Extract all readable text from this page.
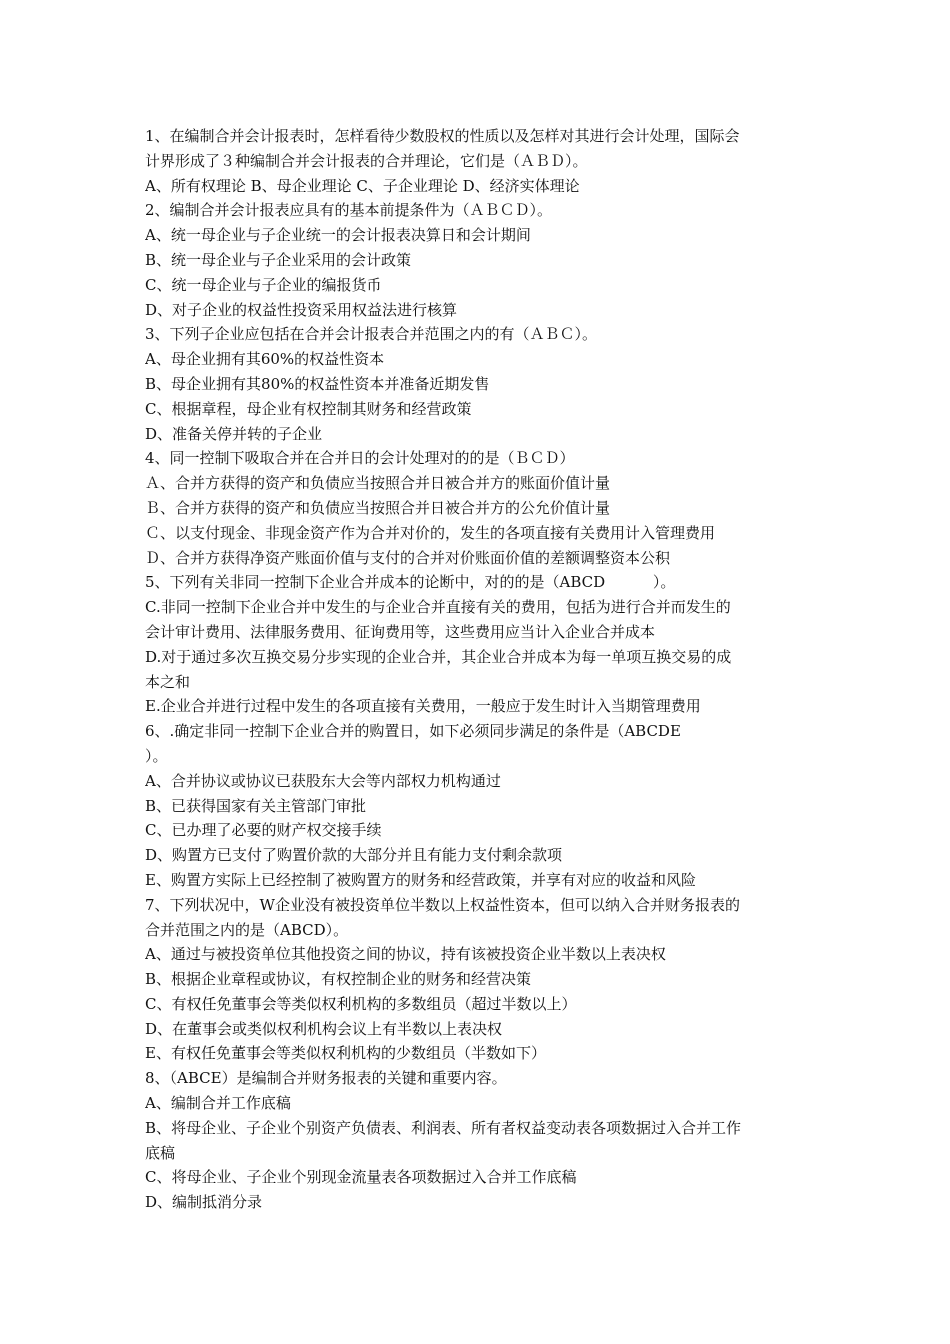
1、在编制合并会计报表时，怎样看待少数股权的性质以及怎样对其进行会计处理，国际会
计界形成了３种编制合并会计报表的合并理论，它们是（ＡＢＤ）。
A、所有权理论 B、母企业理论 C、子企业理论 D、经济实体理论
2、编制合并会计报表应具有的基本前提条件为（ＡＢＣＤ）。
A、统一母企业与子企业统一的会计报表决算日和会计期间
B、统一母企业与子企业采用的会计政策
C、统一母企业与子企业的编报货币
D、对子企业的权益性投资采用权益法进行核算
3、下列子企业应包括在合并会计报表合并范围之内的有（ＡＢＣ）。
A、母企业拥有其60%的权益性资本
B、母企业拥有其80%的权益性资本并准备近期发售
C、根据章程，母企业有权控制其财务和经营政策
D、准备关停并转的子企业
4、同一控制下吸取合并在合并日的会计处理对的的是（ＢＣＤ）
Ａ、合并方获得的资产和负债应当按照合并日被合并方的账面价值计量
Ｂ、合并方获得的资产和负债应当按照合并日被合并方的公允价值计量
Ｃ、以支付现金、非现金资产作为合并对价的，发生的各项直接有关费用计入管理费用
Ｄ、合并方获得净资产账面价值与支付的合并对价账面价值的差额调整资本公积
5、下列有关非同一控制下企业合并成本的论断中，对的的是（ABCD          ）。
C.非同一控制下企业合并中发生的与企业合并直接有关的费用，包括为进行合并而发生的
会计审计费用、法律服务费用、征询费用等，这些费用应当计入企业合并成本
D.对于通过多次互换交易分步实现的企业合并，其企业合并成本为每一单项互换交易的成
本之和
E.企业合并进行过程中发生的各项直接有关费用，一般应于发生时计入当期管理费用
6、.确定非同一控制下企业合并的购置日，如下必须同步满足的条件是（ABCDE
）。
A、合并协议或协议已获股东大会等内部权力机构通过
B、已获得国家有关主管部门审批
C、已办理了必要的财产权交接手续
D、购置方已支付了购置价款的大部分并且有能力支付剩余款项
E、购置方实际上已经控制了被购置方的财务和经营政策，并享有对应的收益和风险
7、下列状况中，W企业没有被投资单位半数以上权益性资本，但可以纳入合并财务报表的
合并范围之内的是（ABCD）。
A、通过与被投资单位其他投资之间的协议，持有该被投资企业半数以上表决权
B、根据企业章程或协议，有权控制企业的财务和经营决策
C、有权任免董事会等类似权利机构的多数组员（超过半数以上）
D、在董事会或类似权利机构会议上有半数以上表决权
E、有权任免董事会等类似权利机构的少数组员（半数如下）
8、（ABCE）是编制合并财务报表的关键和重要内容。
A、编制合并工作底稿
B、将母企业、子企业个别资产负债表、利润表、所有者权益变动表各项数据过入合并工作
底稿
C、将母企业、子企业个别现金流量表各项数据过入合并工作底稿
D、编制抵消分录
